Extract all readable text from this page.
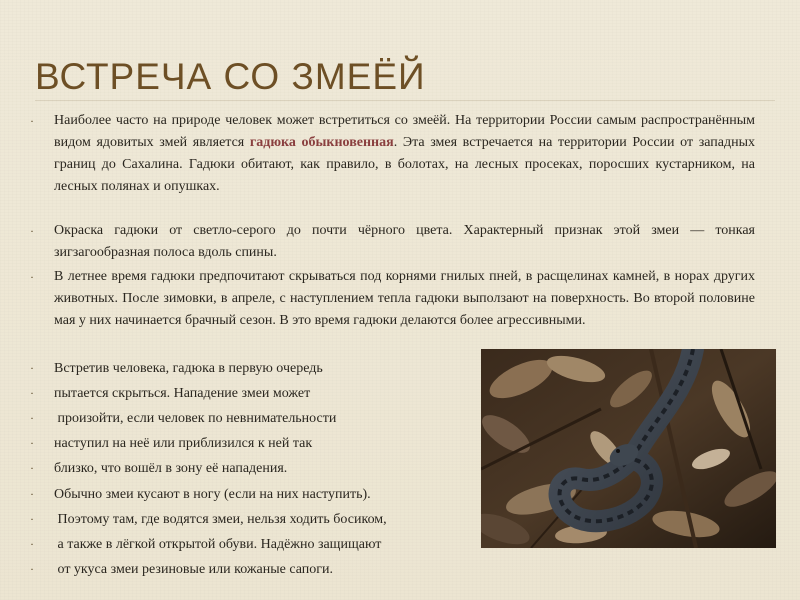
ВСТРЕЧА СО ЗМЕЁЙ

·	Наиболее часто на природе человек может встретиться со змеёй. На территории России самым распространённым видом ядовитых змей является гадюка обыкновенная. Эта змея встречается на территории России от западных границ до Сахалина. Гадюки обитают, как правило, в болотах, на лесных просеках, поросших кустарником, на лесных полянах и опушках.

·	Окраска гадюки от светло-серого до почти чёрного цвета. Характерный признак этой змеи — тонкая зигзагообразная полоса вдоль спины.

·	В летнее время гадюки предпочитают скрываться под корнями гнилых пней, в расщелинах камней, в норах других животных. После зимовки, в апреле, с наступлением тепла гадюки выползают на поверхность. Во второй половине мая у них начинается брачный сезон. В это время гадюки делаются более агрессивными.

· Встретив человека, гадюка в первую очередь
· пытается скрыться. Нападение змеи может
· произойти, если человек по невнимательности
· наступил на неё или приблизился к ней так
· близко, что вошёл в зону её нападения.
· Обычно змеи кусают в ногу (если на них наступить).
· Поэтому там, где водятся змеи, нельзя ходить босиком,
· а также в лёгкой открытой обуви. Надёжно защищают
· от укуса змеи резиновые или кожаные сапоги.
